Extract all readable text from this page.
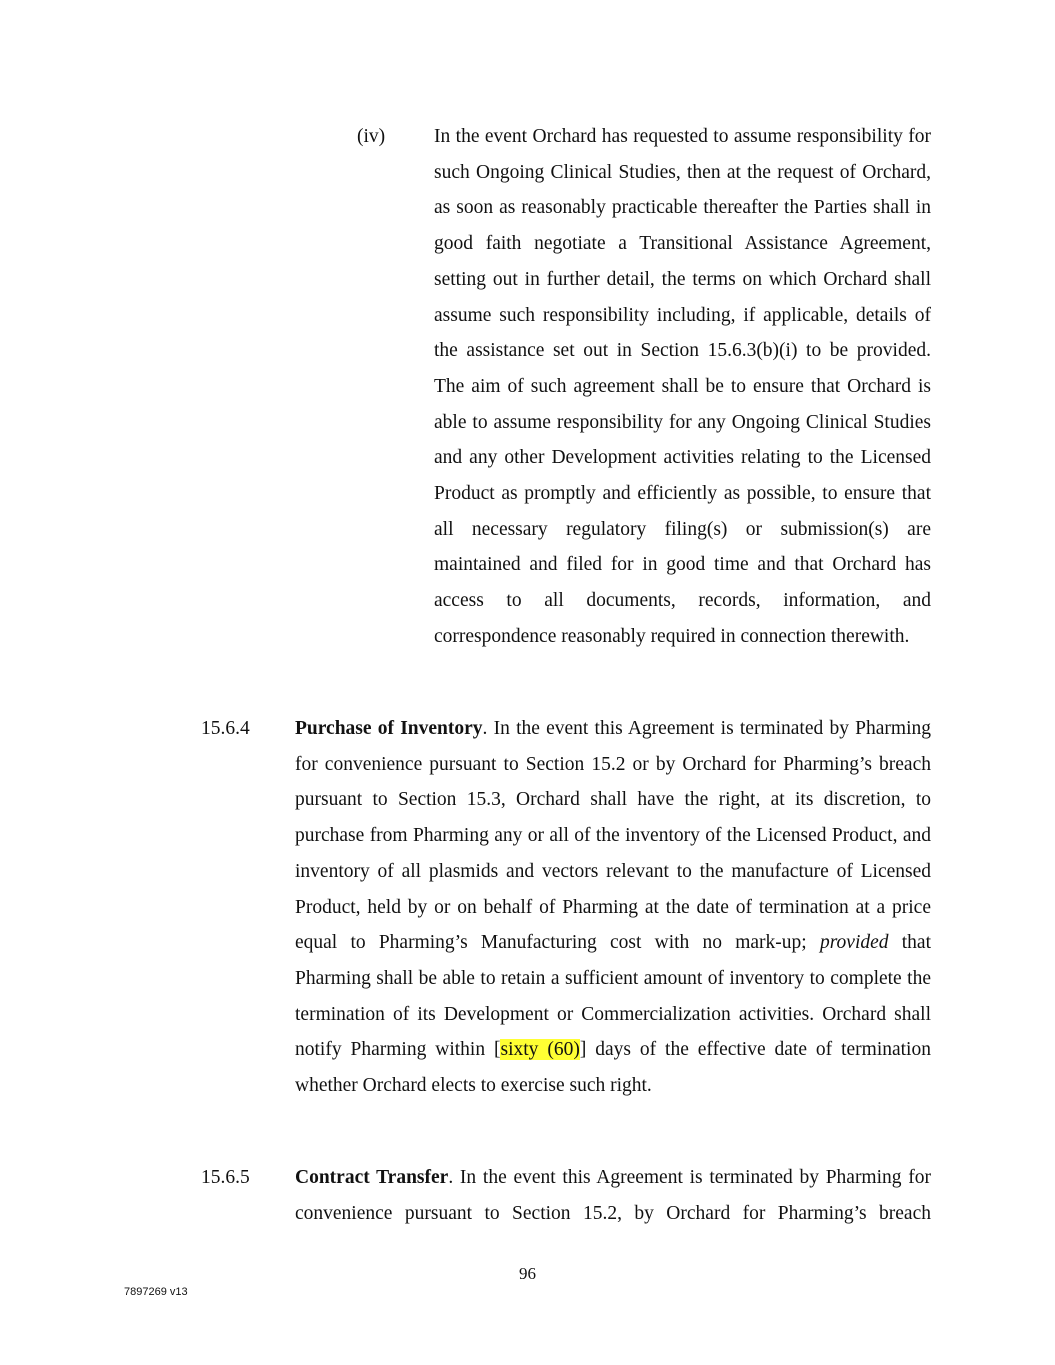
(iv)	In the event Orchard has requested to assume responsibility for such Ongoing Clinical Studies, then at the request of Orchard, as soon as reasonably practicable thereafter the Parties shall in good faith negotiate a Transitional Assistance Agreement, setting out in further detail, the terms on which Orchard shall assume such responsibility including, if applicable, details of the assistance set out in Section 15.6.3(b)(i) to be provided. The aim of such agreement shall be to ensure that Orchard is able to assume responsibility for any Ongoing Clinical Studies and any other Development activities relating to the Licensed Product as promptly and efficiently as possible, to ensure that all necessary regulatory filing(s) or submission(s) are maintained and filed for in good time and that Orchard has access to all documents, records, information, and correspondence reasonably required in connection therewith.

15.6.4 Purchase of Inventory. In the event this Agreement is terminated by Pharming for convenience pursuant to Section 15.2 or by Orchard for Pharming’s breach pursuant to Section 15.3, Orchard shall have the right, at its discretion, to purchase from Pharming any or all of the inventory of the Licensed Product, and inventory of all plasmids and vectors relevant to the manufacture of Licensed Product, held by or on behalf of Pharming at the date of termination at a price equal to Pharming’s Manufacturing cost with no mark-up; provided that Pharming shall be able to retain a sufficient amount of inventory to complete the termination of its Development or Commercialization activities. Orchard shall notify Pharming within [sixty (60)] days of the effective date of termination whether Orchard elects to exercise such right.

15.6.5 Contract Transfer. In the event this Agreement is terminated by Pharming for convenience pursuant to Section 15.2, by Orchard for Pharming’s breach

96
7897269 v13
